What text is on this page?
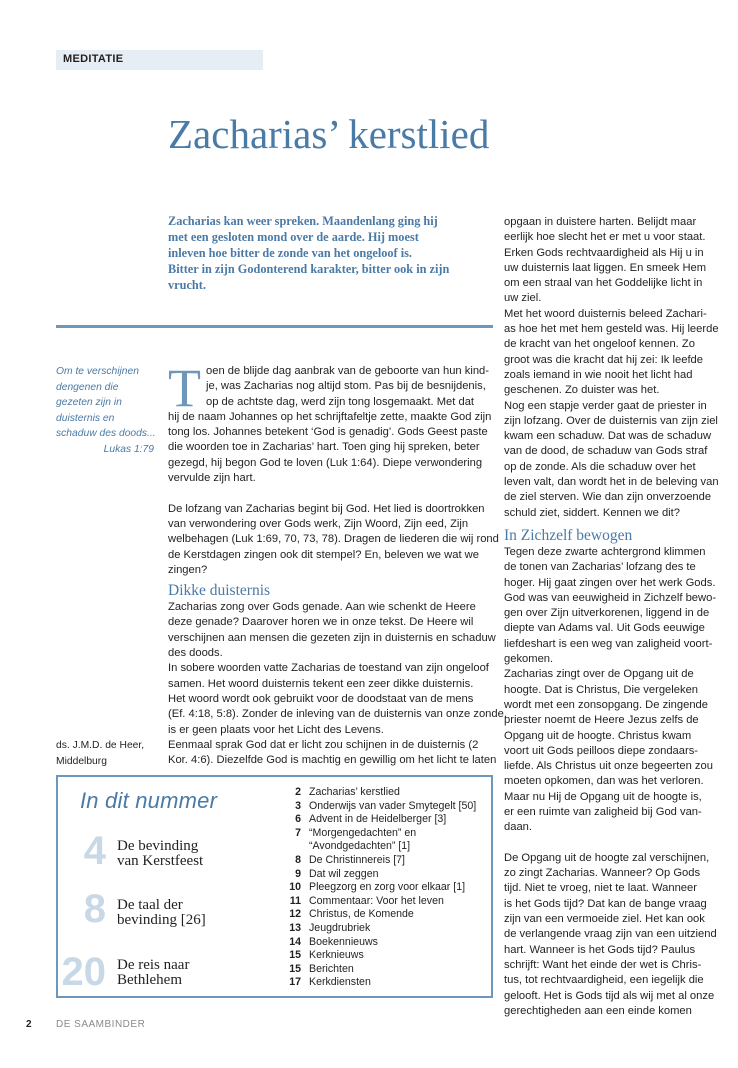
MEDITATIE
Zacharias’ kerstlied
Zacharias kan weer spreken. Maandenlang ging hij
met een gesloten mond over de aarde. Hij moest
inleven hoe bitter de zonde van het ongeloof is.
Bitter in zijn Godonterend karakter, bitter ook in zijn
vrucht.
Om te verschijnen
dengenen die
gezeten zijn in
duisternis en
schaduw des doods...
Lukas 1:79
ds. J.M.D. de Heer,
Middelburg
T oen de blijde dag aanbrak van de geboorte van hun kind-
je, was Zacharias nog altijd stom. Pas bij de besnijdenis,
op de achtste dag, werd zijn tong losgemaakt. Met dat
hij de naam Johannes op het schrijftafeltje zette, maakte God zijn
tong los. Johannes betekent ‘God is genadig’. Gods Geest paste
die woorden toe in Zacharias’ hart. Toen ging hij spreken, beter
gezegd, hij begon God te loven (Luk 1:64). Diepe verwondering
vervulde zijn hart.
De lofzang van Zacharias begint bij God. Het lied is doortrokken
van verwondering over Gods werk, Zijn Woord, Zijn eed, Zijn
welbehagen (Luk 1:69, 70, 73, 78). Dragen de liederen die wij rond
de Kerstdagen zingen ook dit stempel? En, beleven we wat we
zingen?
Dikke duisternis
Zacharias zong over Gods genade. Aan wie schenkt de Heere
deze genade? Daarover horen we in onze tekst. De Heere wil
verschijnen aan mensen die gezeten zijn in duisternis en schaduw
des doods.
In sobere woorden vatte Zacharias de toestand van zijn ongeloof
samen. Het woord duisternis tekent een zeer dikke duisternis.
Het woord wordt ook gebruikt voor de doodstaat van de mens
(Ef. 4:18, 5:8). Zonder de inleving van de duisternis van onze zonde,
is er geen plaats voor het Licht des Levens.
Eenmaal sprak God dat er licht zou schijnen in de duisternis (2
Kor. 4:6). Diezelfde God is machtig en gewillig om het licht te laten
opgaan in duistere harten. Belijdt maar
eerlijk hoe slecht het er met u voor staat.
Erken Gods rechtvaardigheid als Hij u in
uw duisternis laat liggen. En smeek Hem
om een straal van het Goddelijke licht in
uw ziel.
Met het woord duisternis beleed Zachari-
as hoe het met hem gesteld was. Hij leerde
de kracht van het ongeloof kennen. Zo
groot was die kracht dat hij zei: Ik leefde
zoals iemand in wie nooit het licht had
geschenen. Zo duister was het.
Nog een stapje verder gaat de priester in
zijn lofzang. Over de duisternis van zijn ziel
kwam een schaduw. Dat was de schaduw
van de dood, de schaduw van Gods straf
op de zonde. Als die schaduw over het
leven valt, dan wordt het in de beleving van
de ziel sterven. Wie dan zijn onverzoende
schuld ziet, siddert. Kennen we dit?
In Zichzelf bewogen
Tegen deze zwarte achtergrond klimmen
de tonen van Zacharias’ lofzang des te
hoger. Hij gaat zingen over het werk Gods.
God was van eeuwigheid in Zichzelf bewo-
gen over Zijn uitverkorenen, liggend in de
diepte van Adams val. Uit Gods eeuwige
liefdeshart is een weg van zaligheid voort-
gekomen.
Zacharias zingt over de Opgang uit de
hoogte. Dat is Christus, Die vergeleken
wordt met een zonsopgang. De zingende
priester noemt de Heere Jezus zelfs de
Opgang uit de hoogte. Christus kwam
voort uit Gods peilloos diepe zondaars-
liefde. Als Christus uit onze begeerten zou
moeten opkomen, dan was het verloren.
Maar nu Hij de Opgang uit de hoogte is,
er een ruimte van zaligheid bij God van-
daan.
De Opgang uit de hoogte zal verschijnen,
zo zingt Zacharias. Wanneer? Op Gods
tijd. Niet te vroeg, niet te laat. Wanneer
is het Gods tijd? Dat kan de bange vraag
zijn van een vermoeide ziel. Het kan ook
de verlangende vraag zijn van een uitziend
hart. Wanneer is het Gods tijd? Paulus
schrijft: Want het einde der wet is Chris-
tus, tot rechtvaardigheid, een iegelijk die
gelooft. Het is Gods tijd als wij met al onze
gerechtigheden aan een einde komen
In dit nummer
4 De bevinding
van Kerstfeest
8 De taal der
bevinding [26]
20 De reis naar
Bethlehem
2 Zacharias’ kerstlied
3 Onderwijs van vader Smytegelt [50]
6 Advent in de Heidelberger [3]
7 “Morgengedachten” en
“Avondgedachten” [1]
8 De Christinnereis [7]
9 Dat wil zeggen
10 Pleegzorg en zorg voor elkaar [1]
11 Commentaar: Voor het leven
12 Christus, de Komende
13 Jeugdrubriek
14 Boekennieuws
15 Kerknieuws
15 Berichten
17 Kerkdiensten
2 DE SAAMBINDER
